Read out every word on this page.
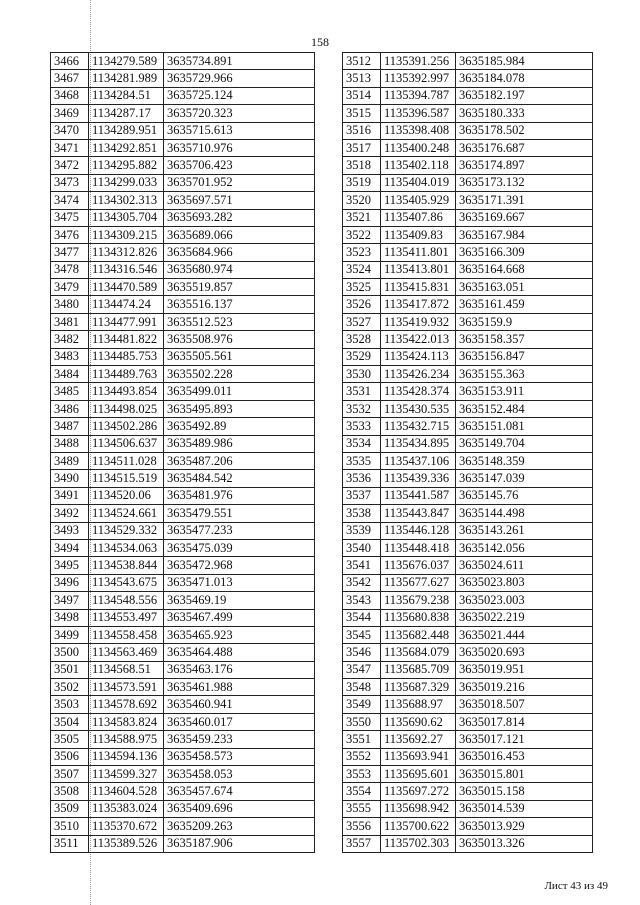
158
3466	1134279.589	3635734.891
3467	1134281.989	3635729.966
3468	1134284.51	3635725.124
3469	1134287.17	3635720.323
3470	1134289.951	3635715.613
3471	1134292.851	3635710.976
3472	1134295.882	3635706.423
3473	1134299.033	3635701.952
3474	1134302.313	3635697.571
3475	1134305.704	3635693.282
3476	1134309.215	3635689.066
3477	1134312.826	3635684.966
3478	1134316.546	3635680.974
3479	1134470.589	3635519.857
3480	1134474.24	3635516.137
3481	1134477.991	3635512.523
3482	1134481.822	3635508.976
3483	1134485.753	3635505.561
3484	1134489.763	3635502.228
3485	1134493.854	3635499.011
3486	1134498.025	3635495.893
3487	1134502.286	3635492.89
3488	1134506.637	3635489.986
3489	1134511.028	3635487.206
3490	1134515.519	3635484.542
3491	1134520.06	3635481.976
3492	1134524.661	3635479.551
3493	1134529.332	3635477.233
3494	1134534.063	3635475.039
3495	1134538.844	3635472.968
3496	1134543.675	3635471.013
3497	1134548.556	3635469.19
3498	1134553.497	3635467.499
3499	1134558.458	3635465.923
3500	1134563.469	3635464.488
3501	1134568.51	3635463.176
3502	1134573.591	3635461.988
3503	1134578.692	3635460.941
3504	1134583.824	3635460.017
3505	1134588.975	3635459.233
3506	1134594.136	3635458.573
3507	1134599.327	3635458.053
3508	1134604.528	3635457.674
3509	1135383.024	3635409.696
3510	1135370.672	3635209.263
3511	1135389.526	3635187.906
3512	1135391.256	3635185.984
3513	1135392.997	3635184.078
3514	1135394.787	3635182.197
3515	1135396.587	3635180.333
3516	1135398.408	3635178.502
3517	1135400.248	3635176.687
3518	1135402.118	3635174.897
3519	1135404.019	3635173.132
3520	1135405.929	3635171.391
3521	1135407.86	3635169.667
3522	1135409.83	3635167.984
3523	1135411.801	3635166.309
3524	1135413.801	3635164.668
3525	1135415.831	3635163.051
3526	1135417.872	3635161.459
3527	1135419.932	3635159.9
3528	1135422.013	3635158.357
3529	1135424.113	3635156.847
3530	1135426.234	3635155.363
3531	1135428.374	3635153.911
3532	1135430.535	3635152.484
3533	1135432.715	3635151.081
3534	1135434.895	3635149.704
3535	1135437.106	3635148.359
3536	1135439.336	3635147.039
3537	1135441.587	3635145.76
3538	1135443.847	3635144.498
3539	1135446.128	3635143.261
3540	1135448.418	3635142.056
3541	1135676.037	3635024.611
3542	1135677.627	3635023.803
3543	1135679.238	3635023.003
3544	1135680.838	3635022.219
3545	1135682.448	3635021.444
3546	1135684.079	3635020.693
3547	1135685.709	3635019.951
3548	1135687.329	3635019.216
3549	1135688.97	3635018.507
3550	1135690.62	3635017.814
3551	1135692.27	3635017.121
3552	1135693.941	3635016.453
3553	1135695.601	3635015.801
3554	1135697.272	3635015.158
3555	1135698.942	3635014.539
3556	1135700.622	3635013.929
3557	1135702.303	3635013.326
Лист 43 из 49
